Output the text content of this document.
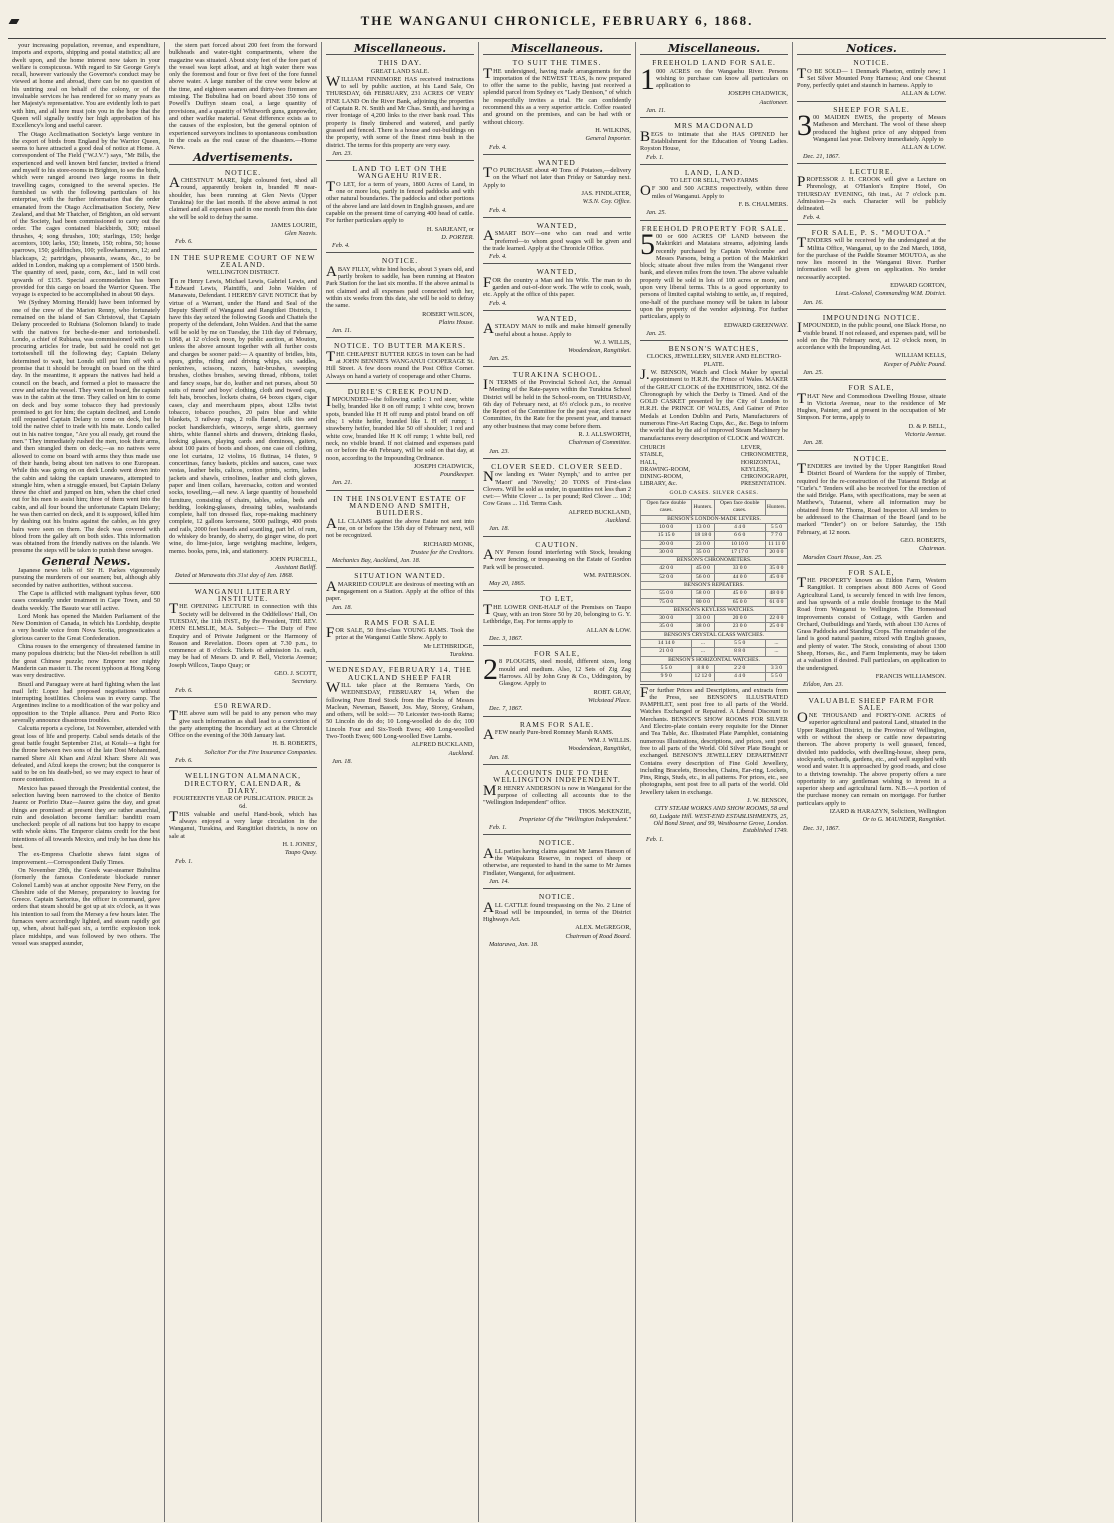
THE WANGANUI CHRONICLE, FEBRUARY 6, 1868.

your increasing population, revenue, and expenditure, imports and exports, shipping and postal statistics; all are dwelt upon, and the home interest now taken in your welfare is conspicuous. With regard to Sir George Grey's recall, however variously the Governor's conduct may be viewed at home and abroad, there can be no question of his untiring zeal on behalf of the colony, or of the invaluable services he has rendered for so many years as her Majesty's representative. You are evidently loth to part with him, and all here must join you in the hope that the Queen will signally testify her high approbation of his Excellency's long and useful career.

The Otago Acclimatisation Society's large venture in the export of birds from England by the Warrior Queen, seems to have attracted a good deal of notice at Home. A correspondent of The Field ("W.J.V.") says, "Mr Bills, the experienced and well known bird fancier, invited a friend and myself to his store-rooms in Brighton, to see the birds, which were ranged around two large rooms in their travelling cages, consigned to the several species. He furnished us with the following particulars of his enterprise, with the further information that the order emanated from the Otago Acclimatisation Society, New Zealand, and that Mr Thatcher, of Brighton, an old servant of the Society, had been commissioned to carry out the order. The cages contained blackbirds, 300; missel thrushes, 4; song thrushes, 100; starlings, 150; hedge accentors, 100; larks, 150; linnets, 150; robins, 50; house sparrows, 150; goldfinches, 100; yellowhammers, 12; and blackcaps, 2; partridges, pheasants, swans, &c., to be added in London, making up a complement of 1500 birds. The quantity of seed, paste, corn, &c., laid in will cost upwards of £135. Special accommodation has been provided for this cargo on board the Warrior Queen. The voyage is expected to be accomplished in about 90 days.

We (Sydney Morning Herald) have been informed by one of the crew of the Marion Renny, who fortunately remained on the island of San Christoval, that Captain Delany proceeded to Rubiana (Solomon Island) to trade with the natives for beche-de-mer and tortoiseshell. Londo, a chief of Rubiana, was commissioned with us to procuring articles for trade, but said he could not get tortoiseshell till the following day; Captain Delany determined to wait, but Londo still put him off with a promise that it should be brought on board on the third day. In the meantime, it appears the natives had held a council on the beach, and formed a plot to massacre the crew and seize the vessel. They went on board, the captain was in the cabin at the time. They called on him to come on deck and buy some tobacco they had previously promised to get for him; the captain declined, and Londo still requested Captain Delany to come on deck, but he told the native chief to trade with his mate. Londo called out in his native tongue, "Are you all ready, get round the men." They immediately rushed the men, took their arms, and then strangled them on deck;—as no natives were allowed to come on board with arms they thus made use of their hands, being about ten natives to one European. While this was going on on deck Londo went down into the cabin and taking the captain unawares, attempted to strangle him, when a struggle ensued, but Captain Delany threw the chief and jumped on him, when the chief cried out for his men to assist him; three of them went into the cabin, and all four bound the unfortunate Captain Delany; he was then carried on deck, and it is supposed, killed him by dashing out his brains against the cables, as his grey hairs were seen on them. The deck was covered with blood from the galley aft on both sides. This information was obtained from the friendly natives on the islands. We presume the steps will be taken to punish these savages.

General News.

Japanese news tells of Sir H. Parkes vigourously pursuing the murderers of our seamen; but, although ably seconded by native authorities, without success.

The Cape is afflicted with malignant typhus fever, 600 cases constantly under treatment in Cape Town, and 50 deaths weekly. The Basuto war still active.

Lord Monk has opened the Maiden Parliament of the New Dominion of Canada, in which his Lordship, despite a very hostile voice from Nova Scotia, prognosticates a glorious career to the Great Confederation.

China rouses to the emergency of threatened famine in many populous districts; but the Nieu-fei rebellion is still the great Chinese puzzle; now Emperor nor mighty Manderin can master it. The recent typhoon at Hong Kong was very destructive.

Brazil and Paraguay were at hard fighting when the last mail left: Lopez had proposed negotiations without interrupting hostilities. Cholera was in every camp. The Argentines incline to a modification of the war policy and opposition to the Triple alliance. Peru and Porto Rico severally announce disastrous troubles.

Calcutta reports a cyclone, 1st November, attended with great loss of life and property. Cabul sends details of the great battle fought September 21st, at Kotali—a fight for the throne between two sons of the late Dost Mohammed, named Shere Ali Khan and Afzul Khan: Shere Ali was defeated, and Afzul keeps the crown; but the conqueror is said to be on his death-bed, so we may expect to hear of more contention.

Mexico has passed through the Presidential contest, the selection having been narrowed to the choice of Benito Juarez or Porfirio Diaz—Jaurez gains the day, and great things are promised: at present they are rather anarchial, ruin and desolation become familiar: banditti roam unchecked: people of all nations but too happy to escape with whole skins. The Emperor claims credit for the best intentions of all towards Mexico, and truly he has done his best.

The ex-Empress Charlotte shews faint signs of improvement.—Correspondent Daily Times.

On November 29th, the Greek war-steamer Bubulina (formerly the famous Confederate blockade runner Colonel Lamb) was at anchor opposite New Ferry, on the Cheshire side of the Mersey, preparatory to leaving for Greece. Captain Sartorius, the officer in command, gave orders that steam should be got up at six o'clock, as it was his intention to sail from the Mersey a few hours later. The furnaces were accordingly lighted, and steam rapidly got up, when, about half-past six, a terrific explosion took place midships, and was followed by two others. The vessel was snapped asunder,

the stern part forced about 200 feet from the forward bulkheads and water-tight compartments, where the magazine was situated. About sixty feet of the fore part of the vessel was kept afloat, and at high water there was only the foremost and four or five feet of the fore funnel above water. A large number of the crew were below at the time, and eighteen seamen and thirty-two firemen are missing. The Bubulina had on board about 350 tons of Powell's Duffryn steam coal, a large quantity of provisions, and a quantity of Whitworth guns, gunpowder, and other warlike material. Great difference exists as to the causes of the explosion, but the general opinion of experienced surveyors inclines to spontaneous combustion in the coals as the real cause of the disasters.—Home News.

Advertisements.
NOTICE.

ACHESTNUT MARE, light coloured feet, shod all round, apparently broken in, branded ≋ near-shoulder, has been running at Glen Nevis (Upper Turakina) for the last month. If the above animal is not claimed and all expenses paid in one month from this date she will be sold to defray the same.

JAMES LOURIE,

Glen Neavis.

Feb. 6.

IN THE SUPREME COURT OF NEW ZEALAND.
WELLINGTON DISTRICT.

In re Henry Lewis, Michael Lewis, Gabriel Lewis, and Edward Lewis, Plaintiffs, and John Walden of Manawatu, Defendant. I HEREBY GIVE NOTICE that by virtue of a Warrant, under the Hand and Seal of the Deputy Sheriff of Wanganui and Rangitikei Districts, I have this day seized the following Goods and Chattels the property of the defendant, John Walden. And that the same will be sold by me on Tuesday, the 11th day of February, 1868, at 12 o'clock noon, by public auction, at Mouton, unless the above amount together with all further costs and charges be sooner paid:— A quantity of bridles, bits, spurs, girths, riding and driving whips, six saddles, penknives, scissors, razors, hair-brushes, sweeping brushes, clothes brushes, sewing thread, ribbons, toilet and fancy soaps, bar do, leather and net purses, about 50 suits of mens' and boys' clothing, cloth and tweed caps, felt hats, brooches, lockets chains, 64 boxes cigars, cigar cases, clay and meerchaum pipes, about 12lbs twist tobacco, tobacco pouches, 20 pairs blue and white blankets, 3 railway rugs, 2 rolls flannel, silk ties and pocket handkerchiefs, winceys, serge shirts, guernsey shirts, white flannel shirts and drawers, drinking flasks, looking glasses, playing cards and dominoes, gaiters, about 100 pairs of boots and shoes, one case oil clothing, one lot curtains, 12 violins, 16 flutinas, 14 flutes, 9 concertinas, fancy baskets, pickles and sauces, case wax vestas, leather belts, calicos, cotton prints, scrim, ladies jackets and shawls, crinolines, leather and cloth gloves, paper and linen collars, haversacks, cotton and worsted socks, towelling,—all new. A large quantity of household furniture, consisting of chairs, tables, sofas, beds and bedding, looking-glasses, dressing tables, washstands complete, half ton dressed flax, rope-making machinery complete, 12 gallons kerosene, 5000 pailings, 400 posts and rails, 2000 feet boards and scantling, part brl. of rum, do whiskey do brandy, do sherry, do ginger wine, do port wine, do lime-juice, large weighing machine, ledgers, memo. books, pens, ink, and stationery.

JOHN PURCELL,

Assistant Bailiff.

Dated at Manawatu this 31st day of Jan. 1868.

WANGANUI LITERARY INSTITUTE.

THE OPENING LECTURE in connection with this Society will be delivered in the Oddfellows' Hall, On TUESDAY, the 11th INST., By the President, THE REV. JOHN ELMSLIE, M.A. Subject:— The Duty of Free Enquiry and of Private Judgment or the Harmony of Reason and Revelation. Doors open at 7.30 p.m., to commence at 8 o'clock. Tickets of admission 1s. each, may be had of Messrs D. and P. Bell, Victoria Avenue; Joseph Willcox, Taupo Quay; or

GEO. J. SCOTT,

Secretary.

Feb. 6.

£50 REWARD.

THE above sum will be paid to any person who may give such information as shall lead to a conviction of the party attempting the Incendiary act at the Chronicle Office on the evening of the 30th January last.

H. B. ROBERTS,

Solicitor For the Fire Insurance Companies.

Feb. 6.

WELLINGTON ALMANACK, DIRECTORY, CALENDAR, & DIARY.
FOURTEENTH YEAR OF PUBLICATION. PRICE 2s 6d.

THIS valuable and useful Hand-book, which has always enjoyed a very large circulation in the Wanganui, Turakina, and Rangitikei districts, is now on sale at

H. I. JONES',

Taupo Quay.

Feb. 1.

Miscellaneous.
THIS DAY.
GREAT LAND SALE.

WILLIAM FINNIMORE HAS received instructions to sell by public auction, at his Land Sale, On THURSDAY, 6th FEBRUARY, 231 ACRES OF VERY FINE LAND On the River Bank, adjoining the properties of Captain R. N. Smith and Mr Chas. Smith, and having a river frontage of 4,200 links to the river bank road. This property is finely timbered and watered, and partly grassed and fenced. There is a house and out-buildings on the property, with some of the finest rimu bush in the district. The terms for this property are very easy.

Jan. 23.

LAND TO LET ON THE WANGAEHU RIVER.

TO LET, for a term of years, 1800 Acres of Land, in one or more lots, partly in fenced paddocks and with other natural boundaries. The paddocks and other portions of the above land are laid down in English grasses, and are capable on the present time of carrying 400 head of cattle. For further particulars apply to

H. SARJEANT, or

D. PORTER.

Feb. 4.

NOTICE.

ABAY FILLY, white hind hocks, about 3 years old, and partly broken to saddle, has been running at Heaton Park Station for the last six months. If the above animal is not claimed and all expenses paid connected with her, within six weeks from this date, she will be sold to defray the same.

ROBERT WILSON,

Plains House.

Jan. 11.

NOTICE. TO BUTTER MAKERS.

THE CHEAPEST BUTTER KEGS in town can be had at JOHN BENNIE'S WANGANUI COOPERAGE St. Hill Street. A few doors round the Post Office Corner. Always on hand a variety of cooperage and other Churns.

DURIE'S CREEK POUND.

IMPOUNDED—the following cattle: 1 red steer, white belly, branded like 8 on off rump; 1 white cow, brown spots, branded like H H off rump and pistol brand on off ribs; 1 white heifer, branded like L H off rump; 1 strawberry heifer, branded like 50 off shoulder; 1 red and white cow, branded like H K off rump; 1 white bull, red neck, no visible brand. If not claimed and expenses paid on or before the 4th February, will be sold on that day, at noon, according to the Impounding Ordinance.

JOSEPH CHADWICK,

Poundkeeper.

Jan. 21.

IN THE INSOLVENT ESTATE OF MANDENO AND SMITH, BUILDERS.

ALL CLAIMS against the above Estate not sent into me, on or before the 15th day of February next, will not be recognized.

RICHARD MONK,

Trustee for the Creditors.

Mechanics Bay, Auckland, Jan. 18.

SITUATION WANTED.

AMARRIED COUPLE are desirous of meeting with an engagement on a Station. Apply at the office of this paper.

Jan. 18.

RAMS FOR SALE

FOR SALE, 50 first-class YOUNG RAMS. Took the prize at the Wanganui Cattle Show. Apply to

Mr LETHBRIDGE,

Turakina.

WEDNESDAY, FEBRUARY 14. THE AUCKLAND SHEEP FAIR

WILL take place at the Remuera Yards, On WEDNESDAY, FEBRUARY 14, When the following Pure Bred Stock from the Flocks of Messrs Maclean, Newman, Bassett, Jos. May, Storey, Graham, and others, will be sold:— 70 Leicester two-tooth Rams; 50 Lincoln do do do; 10 Long-woolled do do do; 100 Lincoln Four and Six-Tooth Ewes; 400 Long-woolled Two-Tooth Ewes; 600 Long-woolled Ewe Lambs.

ALFRED BUCKLAND,

Auckland.

Jan. 18.

Miscellaneous.
TO SUIT THE TIMES.

THE undersigned, having made arrangements for the importation of the NEWEST TEAS, Is now prepared to offer the same to the public, having just received a splendid parcel from Sydney ex "Lady Denison," of which he respectfully invites a trial. He can confidently recommend this as a very superior article. Coffee roasted and ground on the premises, and can be had with or without chicory.

H. WILKINS,

General Importer.

Feb. 4.

WANTED

TO PURCHASE about 40 Tons of Potatoes,—delivery on the Wharf not later than Friday or Saturday next. Apply to

JAS. FINDLATER,

W.S.N. Coy. Office.

Feb. 4.

WANTED,

ASMART BOY—one who can read and write preferred—to whom good wages will be given and the trade learned. Apply at the Chronicle Office.

Feb. 4.

WANTED,

FOR the country a Man and his Wife. The man to do garden and out-of-door work. The wife to cook, wash, etc. Apply at the office of this paper.

Feb. 4.

WANTED,

ASTEADY MAN to milk and make himself generally useful about a house. Apply to

W. J. WILLIS,

Woodendean, Rangitikei.

Jan. 25.

TURAKINA SCHOOL.

IN TERMS of the Provincial School Act, the Annual Meeting of the Rate-payers within the Turakina School District will be held in the School-room, on THURSDAY, 6th day of February next, at 6½ o'clock p.m., to receive the Report of the Committee for the past year, elect a new Committee, fix the Rate for the present year, and transact any other business that may come before them.

R. J. ALLSWORTH,

Chairman of Committee.

Jan. 23.

CLOVER SEED. CLOVER SEED.

Now landing ex 'Water Nymph,' and to arrive per 'Maori' and 'Novelty,' 20 TONS of First-class Clovers. Will be sold as under, in quantities not less than 2 cwt:— White Clover ... 1s per pound; Red Clover ... 10d; Cow Grass ... 11d. Terms Cash.

ALFRED BUCKLAND,

Auckland.

Jan. 18.

CAUTION.

ANY Person found interfering with Stock, breaking over fencing, or trespassing on the Estate of Gordon Park will be prosecuted.

WM. PATERSON.

May 20, 1865.

TO LET,

THE LOWER ONE-HALF of the Premises on Taupo Quay, with an iron Store 50 by 20, belonging to G. Y. Lethbridge, Esq. For terms apply to

ALLAN & LOW.

Dec. 3, 1867.

FOR SALE,

28 PLOUGHS, steel mould, different sizes, long mould and medium. Also, 12 Sets of Zig Zag Harrows. All by John Gray & Co., Uddingston, by Glasgow. Apply to

ROBT. GRAY,

Wickstead Place.

Dec. 7, 1867.

RAMS FOR SALE.

AFEW nearly Pure-bred Romney Marsh RAMS.

WM. J. WILLIS.

Woodendean, Rangitikei,

Jan. 18.

ACCOUNTS DUE TO THE WELLINGTON INDEPENDENT.

MR HENRY ANDERSON is now in Wanganui for the purpose of collecting all accounts due to the "Wellington Independent" office.

THOS. McKENZIE,

Proprietor Of the "Wellington Independent."

Feb. 1.

NOTICE.

ALL parties having claims against Mr James Hanson of the Waipakura Reserve, in respect of sheep or otherwise, are requested to hand in the same to Mr James Findlater, Wanganui, for adjustment.

Jan. 14.

NOTICE.

ALL CATTLE found trespassing on the No. 2 Line of Road will be impounded, in terms of the District Highways Act.

ALEX. McGREGOR,

Chairman of Road Board.

Matarawa, Jan. 18.

Miscellaneous.
FREEHOLD LAND FOR SALE.

1000 ACRES on the Wangaehu River. Persons wishing to purchase can know all particulars on application to

JOSEPH CHADWICK,

Auctioneer.

Jan. 11.

MRS MACDONALD

BEGS to intimate that she HAS OPENED her Establishment for the Education of Young Ladies. Royston House,

Feb. 1.

LAND, LAND.
TO LET OR SELL, TWO FARMS

OF 300 and 500 ACRES respectively, within three miles of Wanganui. Apply to

F. B. CHALMERS.

Jan. 25.

FREEHOLD PROPERTY FOR SALE.

500 or 600 ACRES OF LAND between the Makirikiri and Mataiara streams, adjoining lands recently purchased by Captain Woolcombe and Messrs Parsons, being a portion of the Makirikiri block; situate about five miles from the Wanganui river bank, and eleven miles from the town. The above valuable property will be sold in lots of 100 acres or more, and upon very liberal terms. This is a good opportunity to persons of limited capital wishing to settle, as, if required, one-half of the purchase money will be taken in labour upon the property of the vendor adjoining. For further particulars, apply to

EDWARD GREENWAY.

Jan. 25.

BENSON'S WATCHES,
CLOCKS, JEWELLERY, SILVER AND ELECTRO-PLATE.

J.W. BENSON, Watch and Clock Maker by special appointment to H.R.H. the Prince of Wales. MAKER of the GREAT CLOCK of the EXHIBITION, 1862. Of the Chronograph by which the Derby is Timed. And of the GOLD CASKET presented by the City of London to H.R.H. the PRINCE OF WALES, And Gainer of Prize Medals at London Dublin and Paris, Manufacturers of numerous Fine-Art Racing Cups, &c., &c. Begs to inform the world that by the aid of improved Steam Machinery he manufactures every description of CLOCK and WATCH.

CHURCH
STABLE,
HALL,
DRAWING-ROOM,
DINING-ROOM,
LIBRARY, &c.
LEVER,
CHRONOMETER,
HORIZONTAL,
KEYLESS,
CHRONOGRAPH,
PRESENTATION.
GOLD CASES. SILVER CASES.
Open face double cases.	Hunters.	Open face double cases.	Hunters.
BENSON'S LONDON-MADE LEVERS.			
10 0 0	13 0 0	4 4 0	5 5 0
15 15 0	18 18 0	6 6 0	7 7 0
20 0 0	23 0 0	10 10 0	11 11 0
30 0 0	35 0 0	17 17 0	20 0 0
BENSON'S CHRONOMETERS.			
42 0 0	45 0 0	33 0 0	35 0 0
52 0 0	56 0 0	44 0 0	45 0 0
BENSON'S REPEATERS.			
55 0 0	58 0 0	45 0 0	48 0 0
75 0 0	80 0 0	65 0 0	61 0 0
BENSON'S KEYLESS WATCHES.			
30 0 0	33 0 0	20 0 0	22 0 0
35 0 0	38 0 0	23 0 0	25 0 0
BENSON'S CRYSTAL GLASS WATCHES.			
14 14 0	...	5 5 0	...
21 0 0	...	8 8 0	...
BENSON'S HORIZONTAL WATCHES.			
5 5 0	8 8 0	2 2 0	3 3 0
9 9 0	12 12 0	4 4 0	5 5 0

For further Prices and Descriptions, and extracts from the Press, see BENSON'S ILLUSTRATED PAMPHLET, sent post free to all parts of the World. Watches Exchanged or Repaired. A Liberal Discount to Merchants. BENSON'S SHOW ROOMS FOR SILVER And Electro-plate contain every requisite for the Dinner and Tea Table, &c. Illustrated Plate Pamphlet, containing numerous Illustrations, descriptions, and prices, sent post free to all parts of the World. Old Silver Plate Bought or exchanged. BENSON'S JEWELLERY DEPARTMENT Contains every description of Fine Gold Jewellery, including Bracelets, Brooches, Chains, Ear-ring, Lockets, Pins, Rings, Studs, etc., in all patterns. For prices, etc., see photographs, sent post free to all parts of the world. Old Jewellery taken in exchange.

J. W. BENSON,

CITY STEAM WORKS AND SHOW ROOMS, 58 and 60, Ludgate Hill. WEST-END ESTABLISHMENTS, 25, Old Bond Street, and 99, Westbourne Grove, London. Established 1749.

Feb. 1.

Notices.
NOTICE.

TO BE SOLD— 1 Denmark Phaeton, entirely new; 1 Set Silver Mounted Pony Harness; And one Chesnut Pony, perfectly quiet and staunch in harness. Apply to

ALLAN & LOW.

SHEEP FOR SALE.

300 MAIDEN EWES, the property of Messrs Matheson and Merchant. The wool of these sheep produced the highest price of any shipped from Wanganui last year. Delivery immediately. Apply to

ALLAN & LOW.

Dec. 21, 1867.

LECTURE.

PROFESSOR J. H. CROOK will give a Lecture on Phrenology, at O'Hanlon's Empire Hotel, On THURSDAY EVENING, 6th inst., At 7 o'clock p.m. Admission—2s each. Character will be publicly delineated.

Feb. 4.

FOR SALE, P. S. "MOUTOA."

TENDERS will be received by the undersigned at the Militia Office, Wanganui, up to the 2nd March, 1868, for the purchase of the Paddle Steamer MOUTOA, as she now lies moored in the Wanganui River. Further information will be given on application. No tender necessarily accepted.

EDWARD GORTON,

Lieut.-Colonel, Commanding W.M. District.

Jan. 16.

IMPOUNDING NOTICE.

IMPOUNDED, in the public pound, one Black Horse, no visible brand. If not released, and expenses paid, will be sold on the 7th February next, at 12 o'clock noon, in accordance with the Impounding Act.

WILLIAM KELLS,

Keeper of Public Pound.

Jan. 25.

FOR SALE,

THAT New and Commodious Dwelling House, situate in Victoria Avenue, near to the residence of Mr Hughes, Painter, and at present in the occupation of Mr Simpson. For terms, apply to

D. & P. BELL,

Victoria Avenue.

Jan. 28.

NOTICE.

TENDERS are invited by the Upper Rangitikei Road District Board of Wardens for the supply of Timber, required for the re-construction of the Tutaenui Bridge at "Curle's." Tenders will also be received for the erection of the said Bridge. Plans, with specifications, may be seen at Matthew's, Tutaenui, where all information may be obtained from Mr Thoms, Road Inspector. All tenders to be addressed to the Chairman of the Board (and to be marked "Tender") on or before Saturday, the 15th February, at 12 noon.

GEO. ROBERTS,

Chairman.

Marsden Court House, Jan. 25.

FOR SALE,

THE PROPERTY known as Eildon Farm, Western Rangitikei. It comprises about 800 Acres of Good Agricultural Land, is securely fenced in with live fences, and has upwards of a mile double frontage to the Mail Road from Wanganui to Wellington. The Homestead improvements consist of Cottage, with Garden and Orchard, Outbuildings and Yards, with about 130 Acres of Grass Paddocks and Standing Crops. The remainder of the land is good natural pasture, mixed with English grasses, and plenty of water. The Stock, consisting of about 1300 Sheep, Horses, &c., and Farm Implements, may be taken at a valuation if desired. Full particulars, on application to the undersigned.

FRANCIS WILLIAMSON.

Eildon, Jan. 23.

VALUABLE SHEEP FARM FOR SALE.

ONE THOUSAND and FORTY-ONE ACRES of superior agricultural and pastoral Land, situated in the Upper Rangitikei District, in the Province of Wellington, with or without the sheep or cattle now depasturing thereon. The above property is well grassed, fenced, divided into paddocks, with dwelling-house, sheep pens, stockyards, orchards, gardens, etc., and well supplied with wood and water. It is approached by good roads, and close to a thriving township. The above property offers a rare opportunity to any gentleman wishing to invest in a superior sheep and agricultural farm. N.B.—A portion of the purchase money can remain on mortgage. For further particulars apply to

IZARD & HARAZYN, Solicitors, Wellington

Or to G. MAUNDER, Rangitikei.

Dec. 31, 1867.
